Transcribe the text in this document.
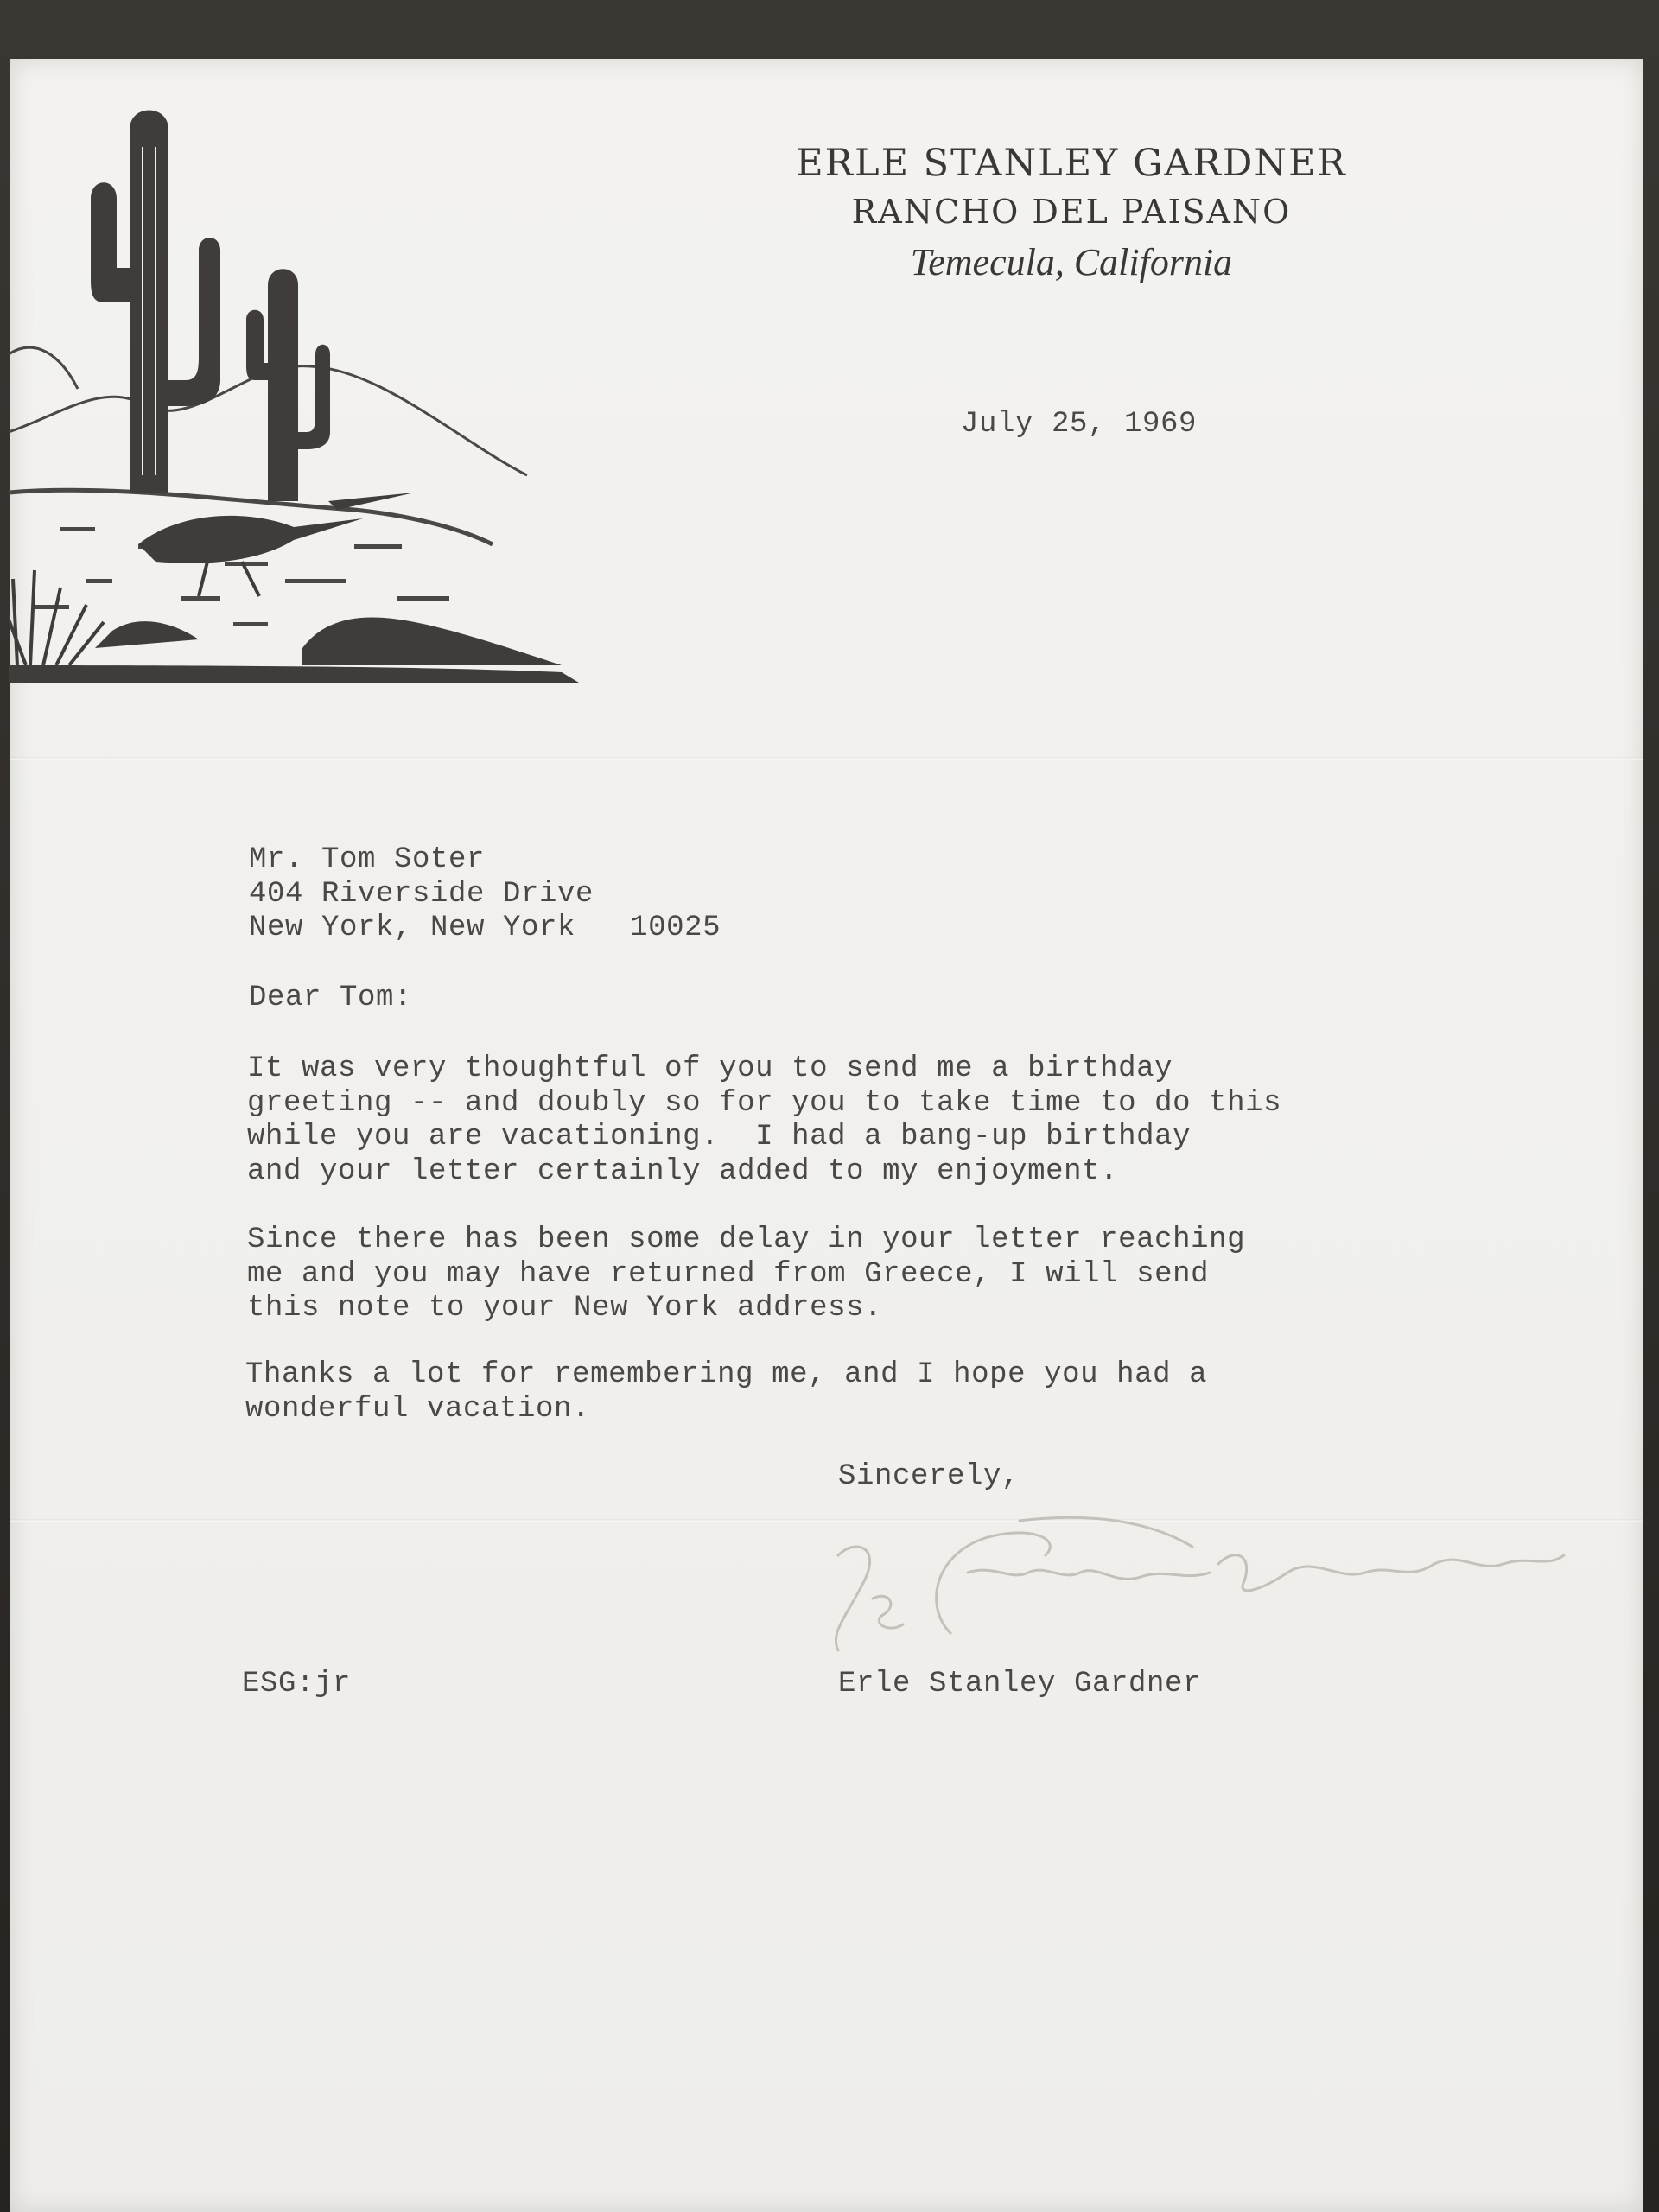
ERLE STANLEY GARDNER
RANCHO DEL PAISANO
Temecula, California
July 25, 1969
Mr. Tom Soter
404 Riverside Drive
New York, New York   10025
Dear Tom:
It was very thoughtful of you to send me a birthday
greeting -- and doubly so for you to take time to do this
while you are vacationing.  I had a bang-up birthday
and your letter certainly added to my enjoyment.
Since there has been some delay in your letter reaching
me and you may have returned from Greece, I will send
this note to your New York address.
Thanks a lot for remembering me, and I hope you had a
wonderful vacation.
Sincerely,
ESG:jr	Erle Stanley Gardner
